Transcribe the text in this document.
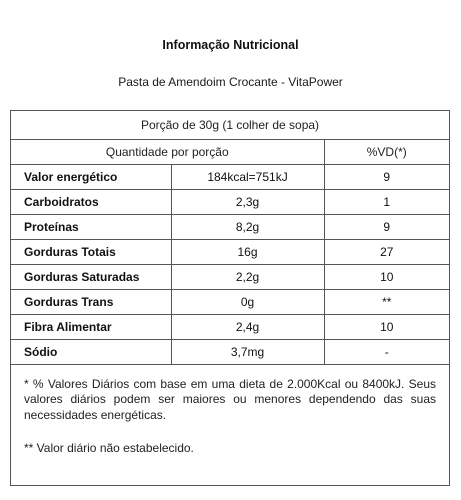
Informação Nutricional
Pasta de Amendoim Crocante - VitaPower
Porção de 30g (1 colher de sopa)
Quantidade por porção		%VD(*)
Valor energético	184kcal=751kJ	9
Carboidratos	2,3g	1
Proteínas	8,2g	9
Gorduras Totais	16g	27
Gorduras Saturadas	2,2g	10
Gorduras Trans	0g	**
Fibra Alimentar	2,4g	10
Sódio	3,7mg	-

* % Valores Diários com base em uma dieta de 2.000Kcal ou 8400kJ. Seus valores diários podem ser maiores ou menores dependendo das suas necessidades energéticas.

** Valor diário não estabelecido.
